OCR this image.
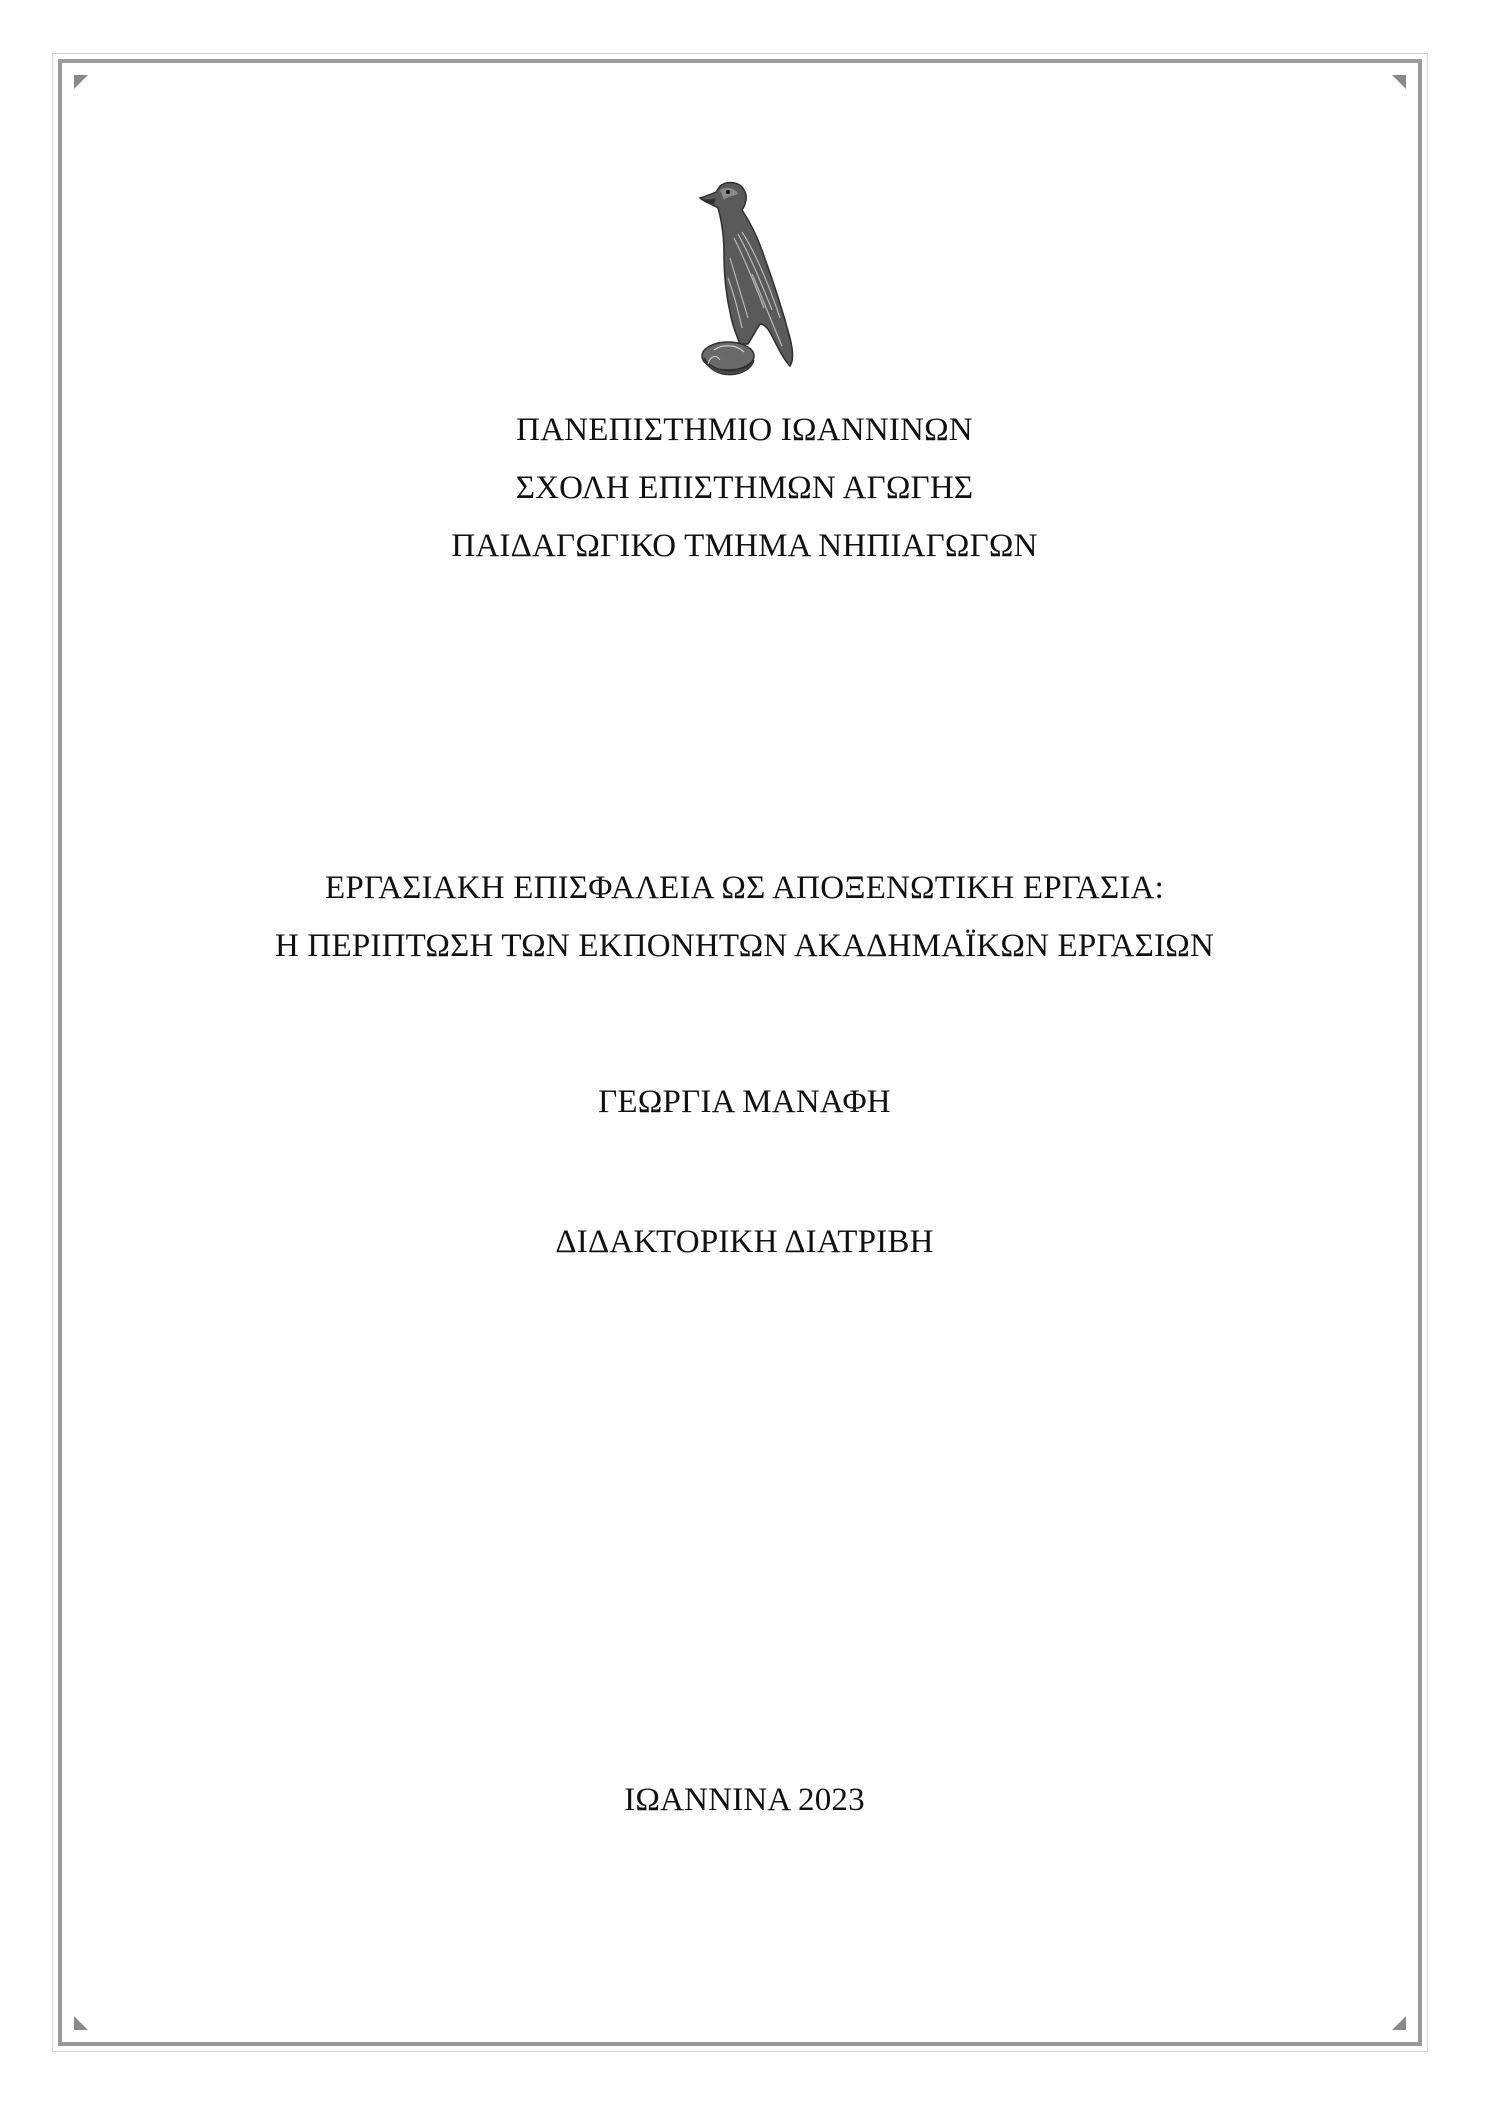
ΠΑΝΕΠΙΣΤΗΜΙΟ ΙΩΑΝΝΙΝΩΝ
ΣΧΟΛΗ ΕΠΙΣΤΗΜΩΝ ΑΓΩΓΗΣ
ΠΑΙΔΑΓΩΓΙΚΟ ΤΜΗΜΑ ΝΗΠΙΑΓΩΓΩΝ
ΕΡΓΑΣΙΑΚΗ ΕΠΙΣΦΑΛΕΙΑ ΩΣ ΑΠΟΞΕΝΩΤΙΚΗ ΕΡΓΑΣΙΑ:
Η ΠΕΡΙΠΤΩΣΗ ΤΩΝ ΕΚΠΟΝΗΤΩΝ ΑΚΑΔΗΜΑΪΚΩΝ ΕΡΓΑΣΙΩΝ
ΓΕΩΡΓΙΑ ΜΑΝΑΦΗ
ΔΙΔΑΚΤΟΡΙΚΗ ΔΙΑΤΡΙΒΗ
ΙΩΑΝΝΙΝΑ 2023
